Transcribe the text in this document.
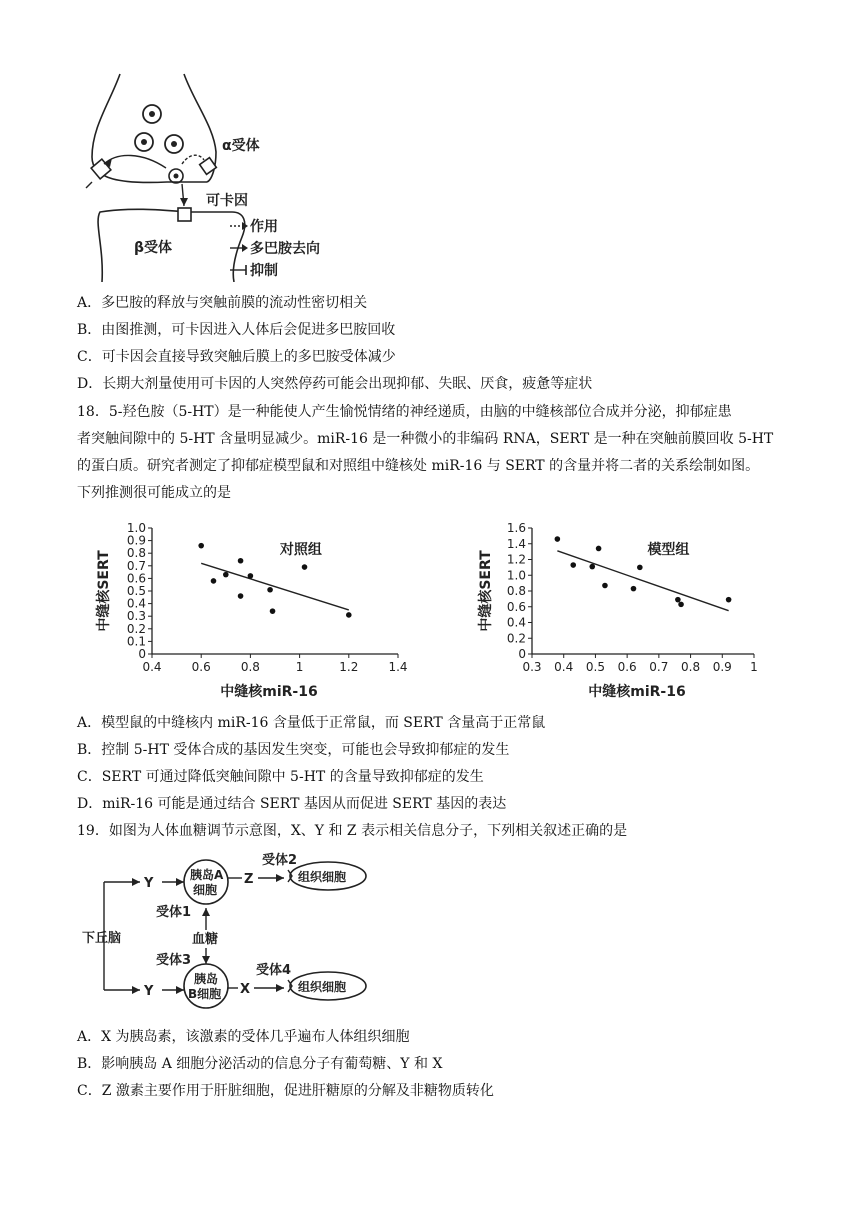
α受体
可卡因
β受体
作用
多巴胺去向
抑制
A．多巴胺的释放与突触前膜的流动性密切相关
B．由图推测，可卡因进入人体后会促进多巴胺回收
C．可卡因会直接导致突触后膜上的多巴胺受体减少
D．长期大剂量使用可卡因的人突然停药可能会出现抑郁、失眠、厌食，疲惫等症状
18．5-羟色胺（5-HT）是一种能使人产生愉悦情绪的神经递质，由脑的中缝核部位合成并分泌，抑郁症患
者突触间隙中的 5-HT 含量明显减少。miR-16 是一种微小的非编码 RNA，SERT 是一种在突触前膜回收 5-HT
的蛋白质。研究者测定了抑郁症模型鼠和对照组中缝核处 miR-16 与 SERT 的含量并将二者的关系绘制如图。
下列推测很可能成立的是
0
0.1
0.2
0.3
0.4
0.5
0.6
0.7
0.8
0.9
1.0
0.4	0.6	0.8	1	1.2	1.4
对照组
中缝核miR-16
中缝核SERT
0
0.2
0.4
0.6
0.8
1.0
1.2
1.4
1.6
0.3 0.4 0.5 0.6 0.7 0.8 0.9 1
模型组
中缝核miR-16
中缝核SERT
A．模型鼠的中缝核内 miR-16 含量低于正常鼠，而 SERT 含量高于正常鼠
B．控制 5-HT 受体合成的基因发生突变，可能也会导致抑郁症的发生
C．SERT 可通过降低突触间隙中 5-HT 的含量导致抑郁症的发生
D．miR-16 可能是通过结合 SERT 基因从而促进 SERT 基因的表达
19．如图为人体血糖调节示意图，X、Y 和 Z 表示相关信息分子，下列相关叙述正确的是
下丘脑
Y
Y
胰岛A
细胞
胰岛
B细胞
Z
X
受体2
受体4
受体1
受体3
血糖
组织细胞
组织细胞
A．X 为胰岛素，该激素的受体几乎遍布人体组织细胞
B．影响胰岛 A 细胞分泌活动的信息分子有葡萄糖、Y 和 X
C．Z 激素主要作用于肝脏细胞，促进肝糖原的分解及非糖物质转化
